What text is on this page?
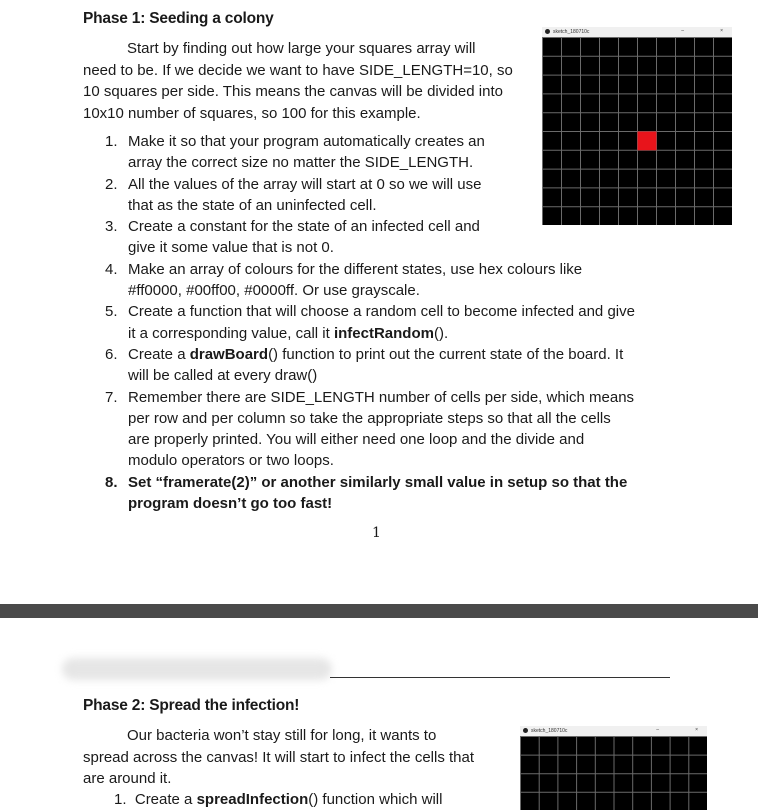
Phase 1: Seeding a colony
Start by finding out how large your squares array will
need to be. If we decide we want to have SIDE_LENGTH=10, so
10 squares per side. This means the canvas will be divided into
10x10 number of squares, so 100 for this example.
1. Make it so that your program automatically creates an
array the correct size no matter the SIDE_LENGTH.
2. All the values of the array will start at 0 so we will use
that as the state of an uninfected cell.
3. Create a constant for the state of an infected cell and
give it some value that is not 0.
4. Make an array of colours for the different states, use hex colours like
#ff0000, #00ff00, #0000ff. Or use grayscale.
5. Create a function that will choose a random cell to become infected and give
it a corresponding value, call it infectRandom().
6. Create a drawBoard() function to print out the current state of the board. It
will be called at every draw()
7. Remember there are SIDE_LENGTH number of cells per side, which means
per row and per column so take the appropriate steps so that all the cells
are properly printed. You will either need one loop and the divide and
modulo operators or two loops.
8. Set “framerate(2)” or another similarly small value in setup so that the
program doesn’t go too fast!
1
sketch_180710c	–	×
Phase 2: Spread the infection!
Our bacteria won’t stay still for long, it wants to
spread across the canvas! It will start to infect the cells that
are around it.
1. Create a spreadInfection() function which will
sketch_180710c	–	×
